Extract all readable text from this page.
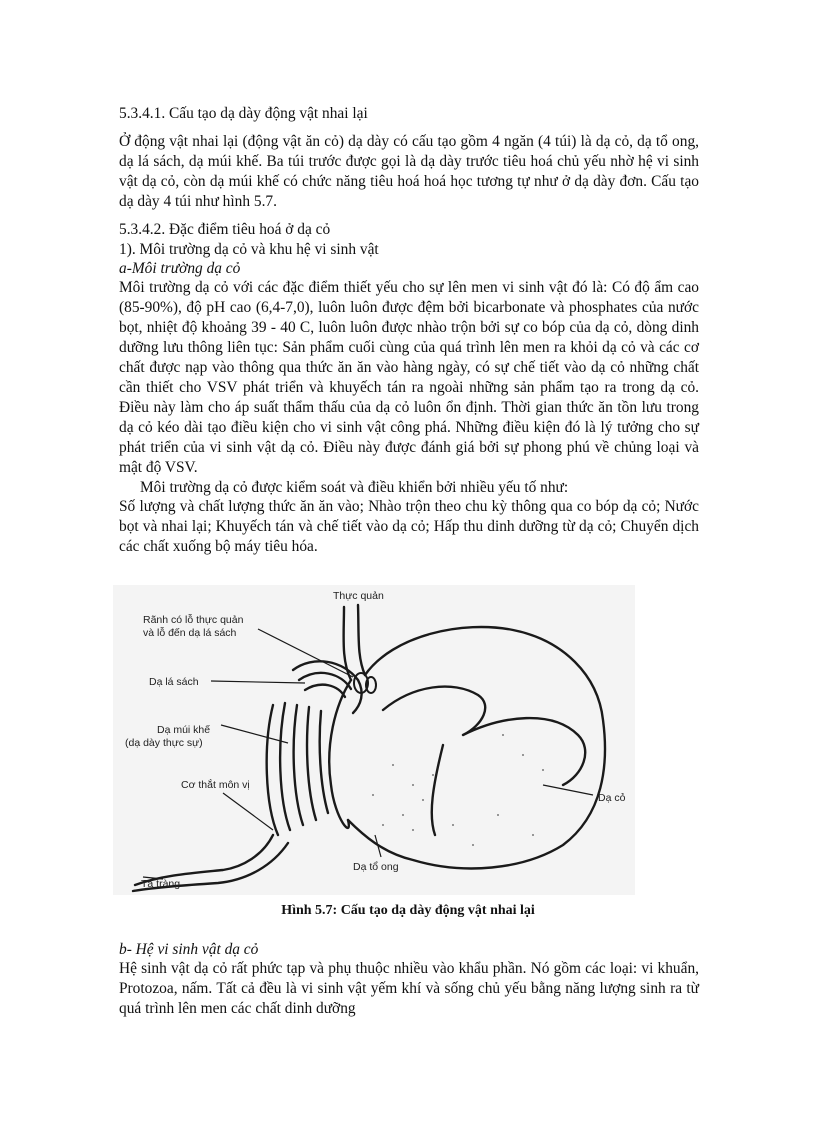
5.3.4.1. Cấu tạo dạ dày động vật nhai lại
Ở động vật nhai lại (động vật ăn cỏ) dạ dày có cấu tạo gồm 4 ngăn (4 túi) là dạ cỏ, dạ tổ ong, dạ lá sách, dạ múi khế. Ba túi trước được gọi là dạ dày trước tiêu hoá chủ yếu nhờ hệ vi sinh vật dạ cỏ, còn dạ múi khế có chức năng tiêu hoá hoá học tương tự như ở dạ dày đơn. Cấu tạo dạ dày 4 túi như hình 5.7.
5.3.4.2. Đặc điểm tiêu hoá ở dạ cỏ
1). Môi trường dạ cỏ và khu hệ vi sinh vật
a-Môi trường dạ cỏ
Môi trường dạ cỏ với các đặc điểm thiết yếu cho sự lên men vi sinh vật đó là: Có độ ẩm cao (85-90%), độ pH cao (6,4-7,0), luôn luôn được đệm bởi bicarbonate và phosphates của nước bọt, nhiệt độ khoảng 39 - 40 C, luôn luôn được nhào trộn bởi sự co bóp của dạ cỏ, dòng dinh dưỡng lưu thông liên tục: Sản phẩm cuối cùng của quá trình lên men ra khỏi dạ cỏ và các cơ chất được nạp vào thông qua thức ăn ăn vào hàng ngày, có sự chế tiết vào dạ cỏ những chất cần thiết cho VSV phát triển và khuyếch tán ra ngoài những sản phẩm tạo ra trong dạ cỏ. Điều này làm cho áp suất thẩm thấu của dạ cỏ luôn ổn định. Thời gian thức ăn tồn lưu trong dạ cỏ kéo dài tạo điều kiện cho vi sinh vật công phá. Những điều kiện đó là lý tưởng cho sự phát triển của vi sinh vật dạ cỏ. Điều này được đánh giá bởi sự phong phú về chủng loại và mật độ VSV.
Môi trường dạ cỏ được kiểm soát và điều khiển bởi nhiều yếu tố như:
Số lượng và chất lượng thức ăn ăn vào; Nhào trộn theo chu kỳ thông qua co bóp dạ cỏ; Nước bọt và nhai lại; Khuyếch tán và chế tiết vào dạ cỏ; Hấp thu dinh dưỡng từ dạ cỏ; Chuyển dịch các chất xuống bộ máy tiêu hóa.
Thực quản
Rãnh có lỗ thực quản
và lỗ đến dạ lá sách
Dạ lá sách
Dạ múi khế
(dạ dày thực sự)
Cơ thắt môn vị
Tá tràng
Dạ tổ ong
Dạ cỏ
Hình 5.7: Cấu tạo dạ dày động vật nhai lại
b- Hệ vi sinh vật dạ cỏ
Hệ sinh vật dạ cỏ rất phức tạp và phụ thuộc nhiều vào khẩu phần. Nó gồm các loại: vi khuẩn, Protozoa, nấm. Tất cả đều là vi sinh vật yếm khí và sống chủ yếu bằng năng lượng sinh ra từ quá trình lên men các chất dinh dưỡng
